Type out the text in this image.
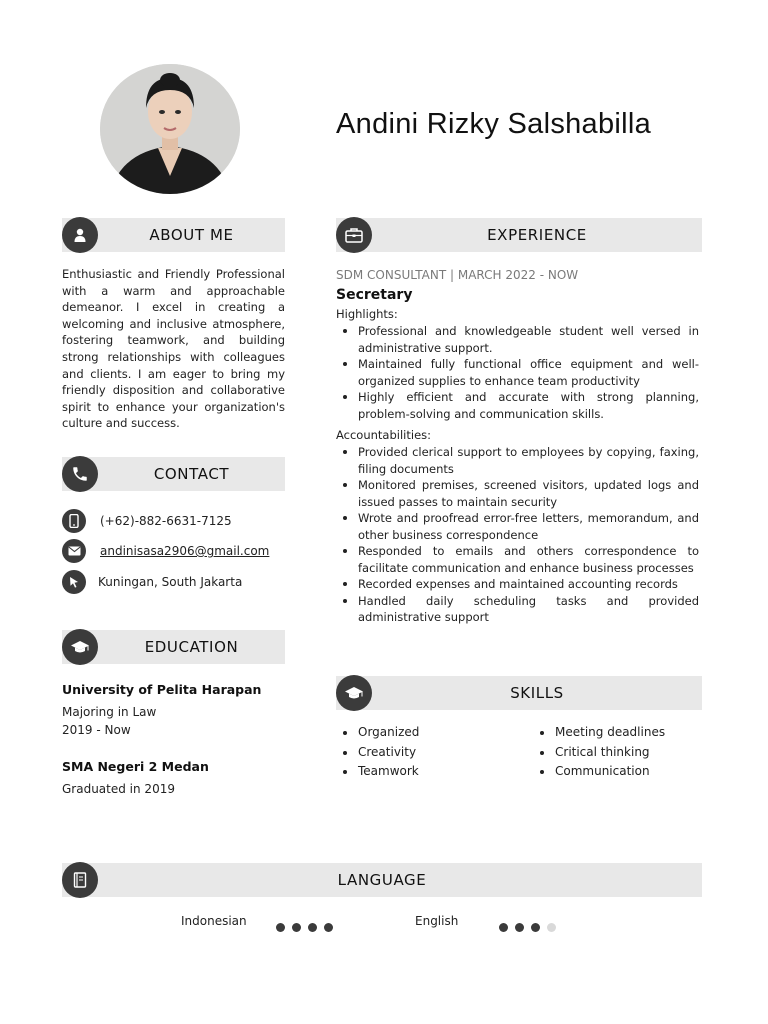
Andini Rizky Salshabilla
ABOUT ME
Enthusiastic and Friendly Professional with a warm and approachable demeanor. I excel in creating a welcoming and inclusive atmosphere, fostering teamwork, and building strong relationships with colleagues and clients. I am eager to bring my friendly disposition and collaborative spirit to enhance your organization's culture and success.
CONTACT
(+62)-882-6631-7125
andinisasa2906@gmail.com
Kuningan, South Jakarta
EDUCATION
University of Pelita Harapan
Majoring in Law
2019 - Now
SMA Negeri 2 Medan
Graduated in 2019
EXPERIENCE
SDM CONSULTANT | MARCH 2022 - NOW
Secretary
Highlights:
Professional and knowledgeable student well versed in administrative support.
Maintained fully functional office equipment and well-organized supplies to enhance team productivity
Highly efficient and accurate with strong planning, problem-solving and communication skills.
Accountabilities:
Provided clerical support to employees by copying, faxing, filing documents
Monitored premises, screened visitors, updated logs and issued passes to maintain security
Wrote and proofread error-free letters, memorandum, and other business correspondence
Responded to emails and others correspondence to facilitate communication and enhance business processes
Recorded expenses and maintained accounting records
Handled daily scheduling tasks and provided administrative support
SKILLS
Organized
Creativity
Teamwork
Meeting deadlines
Critical thinking
Communication
LANGUAGE
Indonesian	English
